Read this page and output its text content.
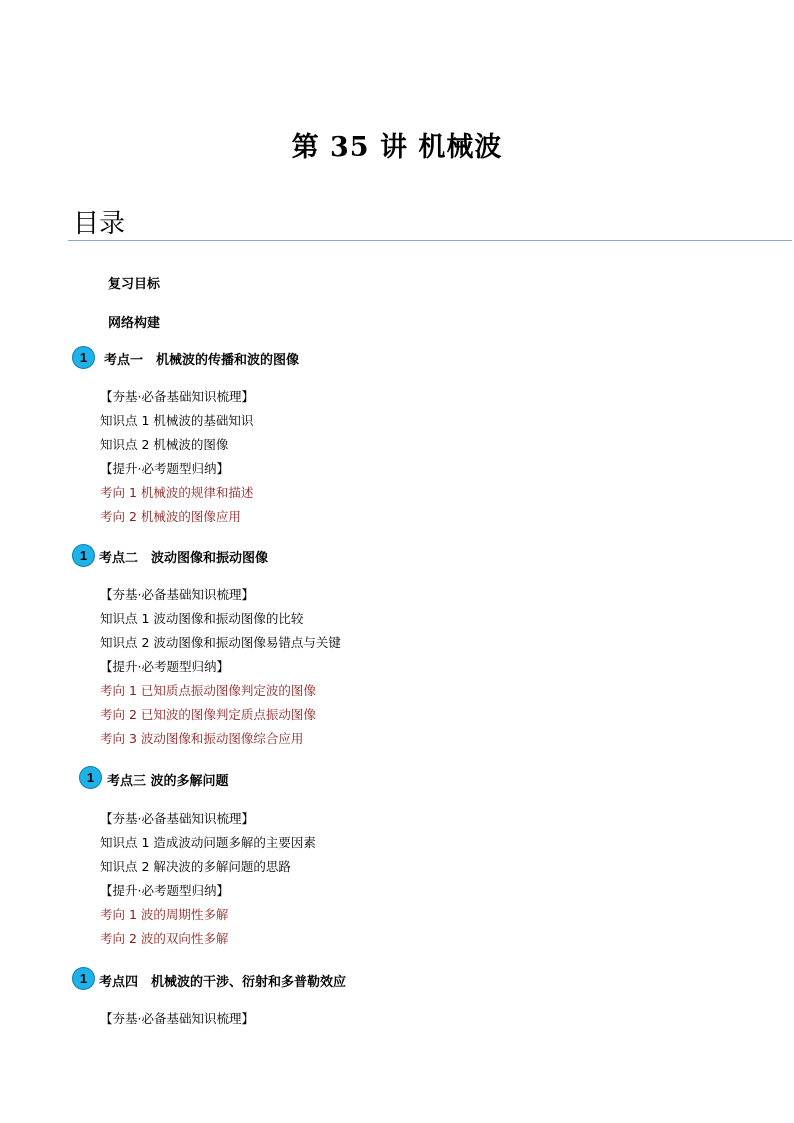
第 35 讲 机械波
目录
复习目标
网络构建
1	考点一　机械波的传播和波的图像
【夯基·必备基础知识梳理】
知识点 1 机械波的基础知识
知识点 2 机械波的图像
【提升·必考题型归纳】
考向 1 机械波的规律和描述
考向 2 机械波的图像应用
1 考点二　波动图像和振动图像
【夯基·必备基础知识梳理】
知识点 1 波动图像和振动图像的比较
知识点 2 波动图像和振动图像易错点与关键
【提升·必考题型归纳】
考向 1 已知质点振动图像判定波的图像
考向 2 已知波的图像判定质点振动图像
考向 3 波动图像和振动图像综合应用
1 考点三 波的多解问题
【夯基·必备基础知识梳理】
知识点 1 造成波动问题多解的主要因素
知识点 2 解决波的多解问题的思路
【提升·必考题型归纳】
考向 1 波的周期性多解
考向 2 波的双向性多解
1 考点四　机械波的干涉、衍射和多普勒效应
【夯基·必备基础知识梳理】
